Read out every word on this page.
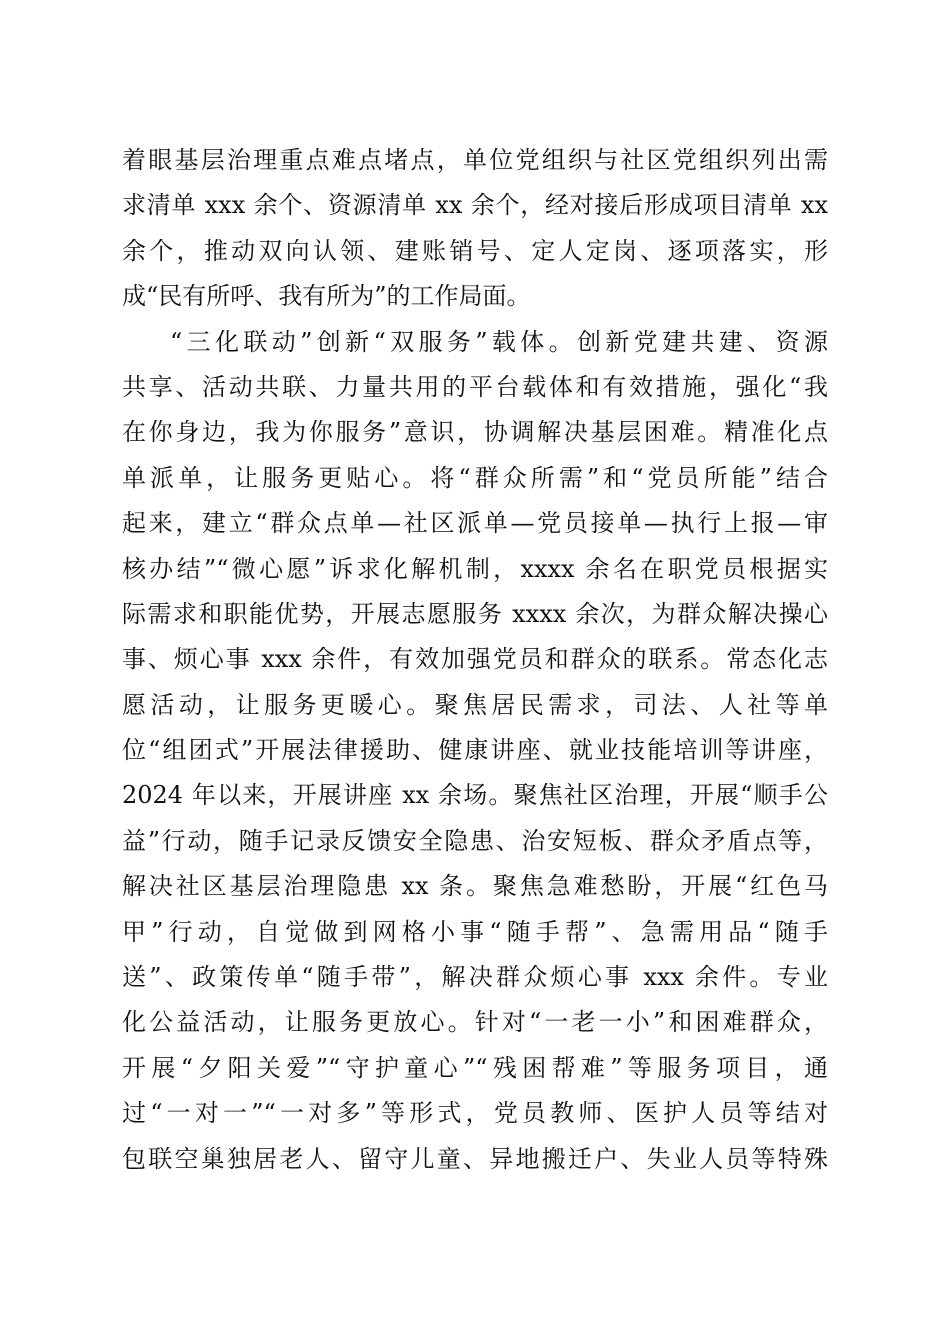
着眼基层治理重点难点堵点，单位党组织与社区党组织列出需
求清单 xxx 余个、资源清单 xx 余个，经对接后形成项目清单 xx
余个，推动双向认领、建账销号、定人定岗、逐项落实，形
成“民有所呼、我有所为”的工作局面。
“三化联动”创新“双服务”载体。创新党建共建、资源
共享、活动共联、力量共用的平台载体和有效措施，强化“我
在你身边，我为你服务”意识，协调解决基层困难。精准化点
单派单，让服务更贴心。将“群众所需”和“党员所能”结合
起来，建立“群众点单—社区派单—党员接单—执行上报—审
核办结”“微心愿”诉求化解机制，xxxx 余名在职党员根据实
际需求和职能优势，开展志愿服务 xxxx 余次，为群众解决操心
事、烦心事 xxx 余件，有效加强党员和群众的联系。常态化志
愿活动，让服务更暖心。聚焦居民需求，司法、人社等单
位“组团式”开展法律援助、健康讲座、就业技能培训等讲座，
2024 年以来，开展讲座 xx 余场。聚焦社区治理，开展“顺手公
益”行动，随手记录反馈安全隐患、治安短板、群众矛盾点等，
解决社区基层治理隐患 xx 条。聚焦急难愁盼，开展“红色马
甲”行动，自觉做到网格小事“随手帮”、急需用品“随手
送”、政策传单“随手带”，解决群众烦心事 xxx 余件。专业
化公益活动，让服务更放心。针对“一老一小”和困难群众，
开展“夕阳关爱”“守护童心”“残困帮难”等服务项目，通
过“一对一”“一对多”等形式，党员教师、医护人员等结对
包联空巢独居老人、留守儿童、异地搬迁户、失业人员等特殊
